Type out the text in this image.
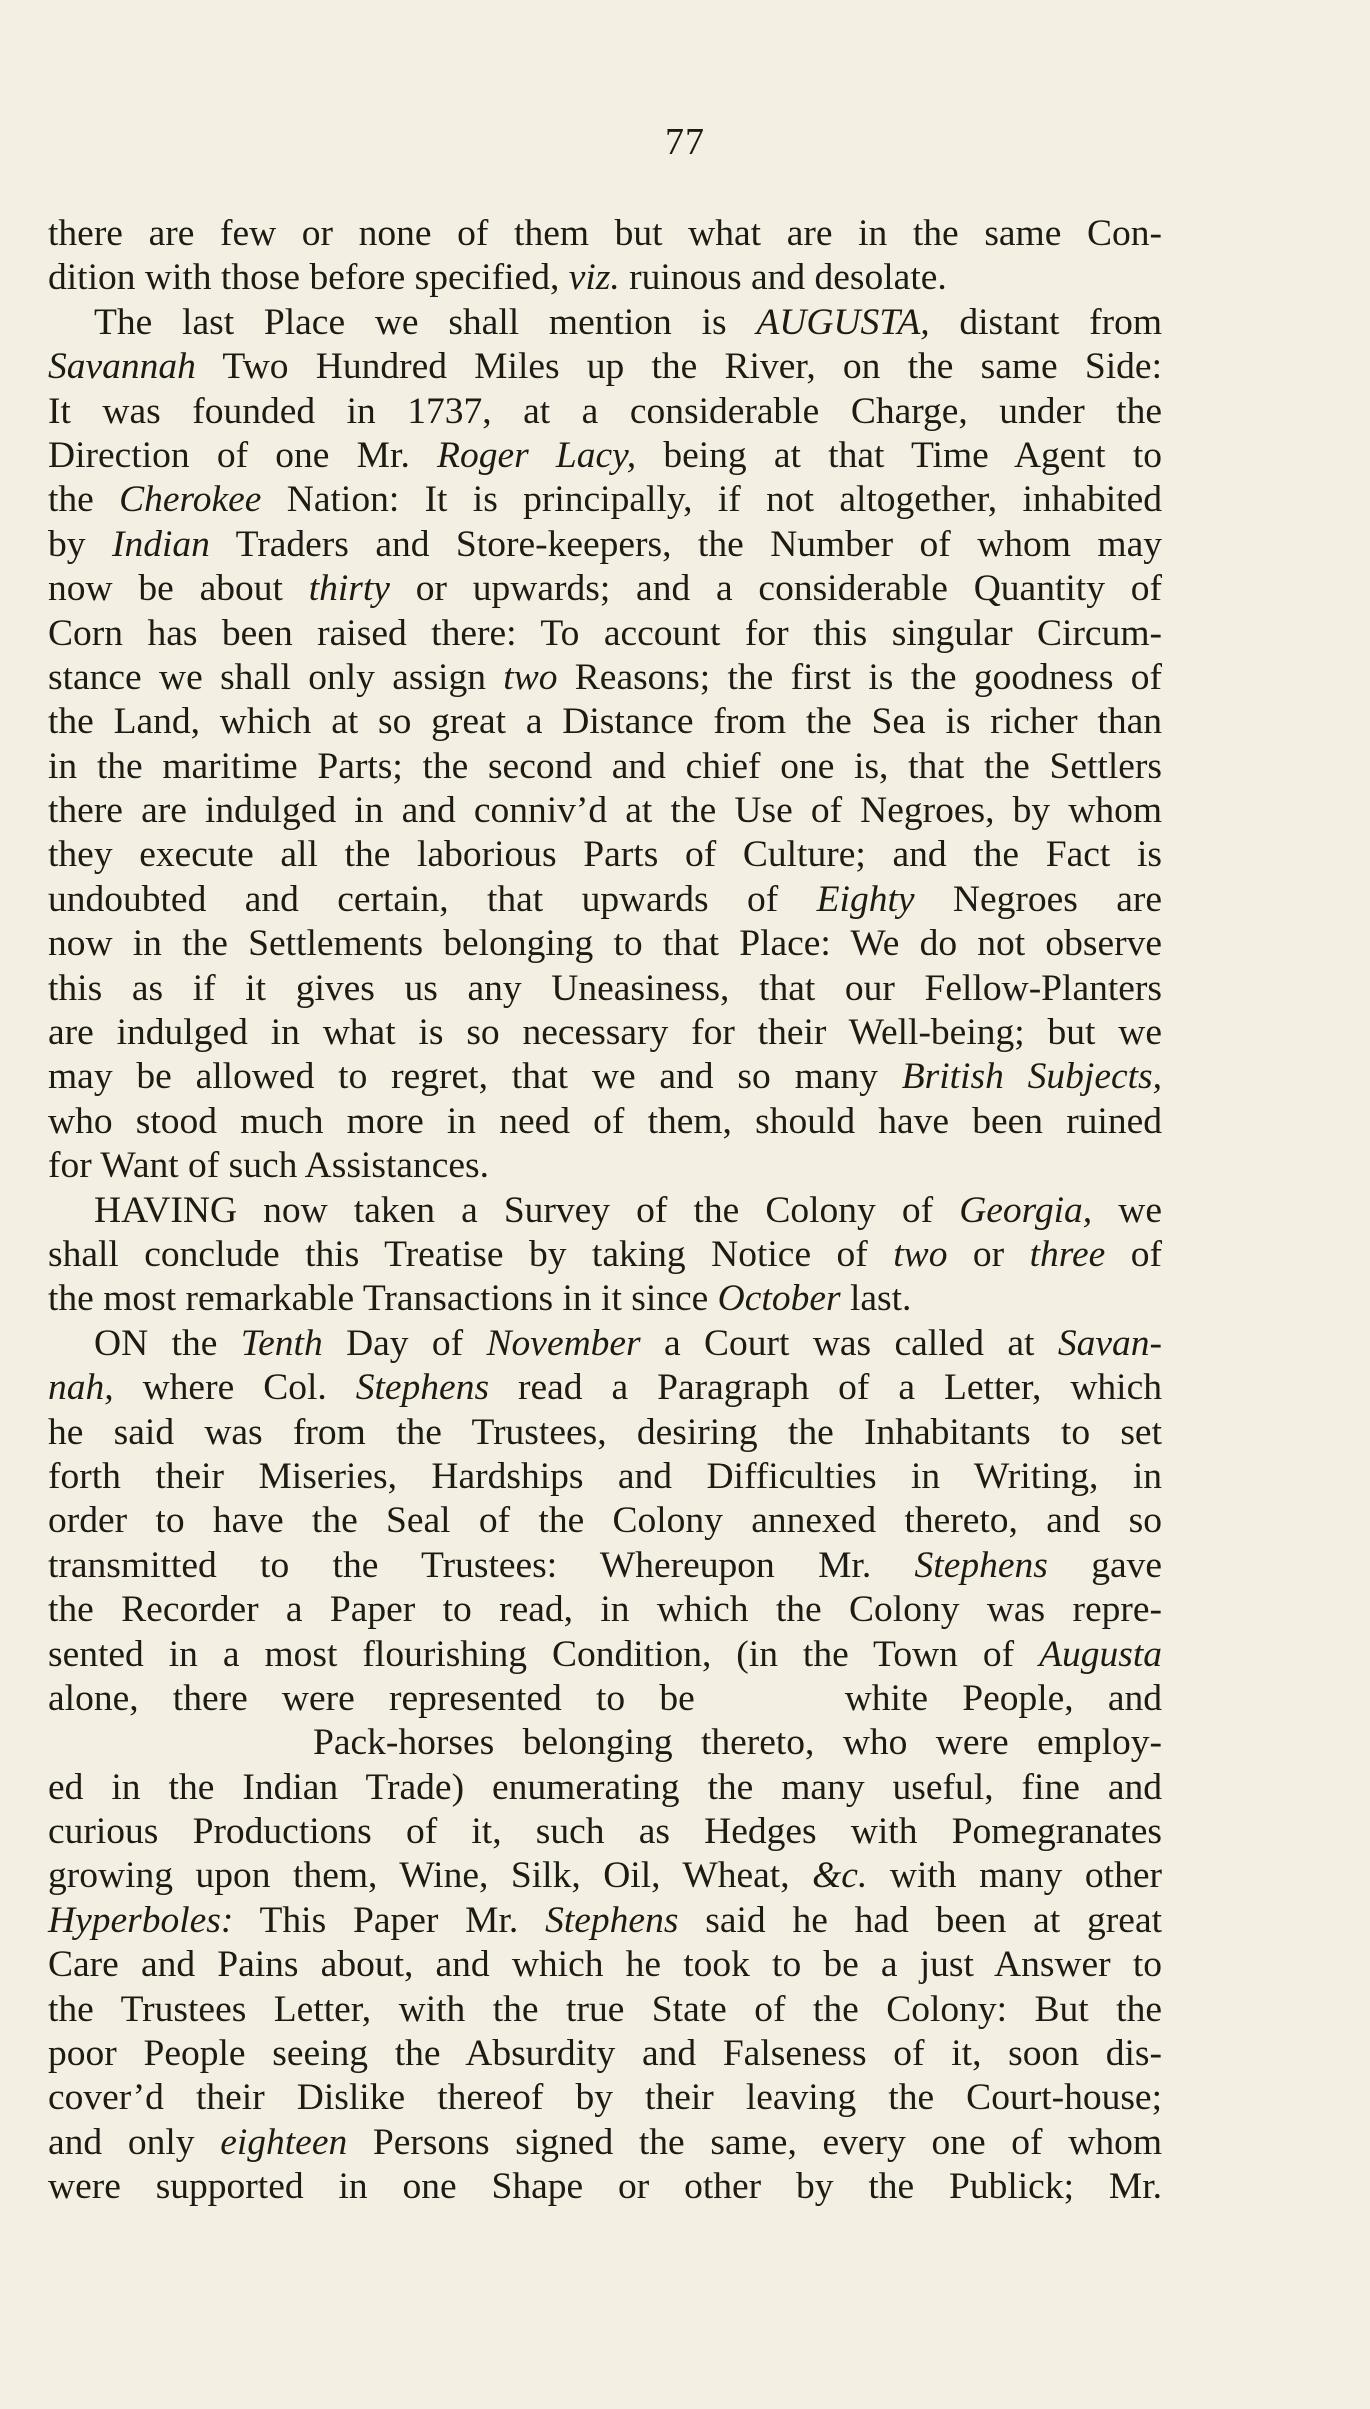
77
there are few or none of them but what are in the same Con-
dition with those before specified, viz. ruinous and desolate.
The last Place we shall mention is AUGUSTA, distant from
Savannah Two Hundred Miles up the River, on the same Side:
It was founded in 1737, at a considerable Charge, under the
Direction of one Mr. Roger Lacy, being at that Time Agent to
the Cherokee Nation: It is principally, if not altogether, inhabited
by Indian Traders and Store-keepers, the Number of whom may
now be about thirty or upwards; and a considerable Quantity of
Corn has been raised there: To account for this singular Circum-
stance we shall only assign two Reasons; the first is the goodness of
the Land, which at so great a Distance from the Sea is richer than
in the maritime Parts; the second and chief one is, that the Settlers
there are indulged in and conniv’d at the Use of Negroes, by whom
they execute all the laborious Parts of Culture; and the Fact is
undoubted and certain, that upwards of Eighty Negroes are
now in the Settlements belonging to that Place: We do not observe
this as if it gives us any Uneasiness, that our Fellow-Planters
are indulged in what is so necessary for their Well-being; but we
may be allowed to regret, that we and so many British Subjects,
who stood much more in need of them, should have been ruined
for Want of such Assistances.
HAVING now taken a Survey of the Colony of Georgia, we
shall conclude this Treatise by taking Notice of two or three of
the most remarkable Transactions in it since October last.
ON the Tenth Day of November a Court was called at Savan-
nah, where Col. Stephens read a Paragraph of a Letter, which
he said was from the Trustees, desiring the Inhabitants to set
forth their Miseries, Hardships and Difficulties in Writing, in
order to have the Seal of the Colony annexed thereto, and so
transmitted to the Trustees: Whereupon Mr. Stephens gave
the Recorder a Paper to read, in which the Colony was repre-
sented in a most flourishing Condition, (in the Town of Augusta
alone, there were represented to be	white People, and
Pack-horses belonging thereto, who were employ-
ed in the Indian Trade) enumerating the many useful, fine and
curious Productions of it, such as Hedges with Pomegranates
growing upon them, Wine, Silk, Oil, Wheat, &c. with many other
Hyperboles: This Paper Mr. Stephens said he had been at great
Care and Pains about, and which he took to be a just Answer to
the Trustees Letter, with the true State of the Colony: But the
poor People seeing the Absurdity and Falseness of it, soon dis-
cover’d their Dislike thereof by their leaving the Court-house;
and only eighteen Persons signed the same, every one of whom
were supported in one Shape or other by the Publick; Mr.
